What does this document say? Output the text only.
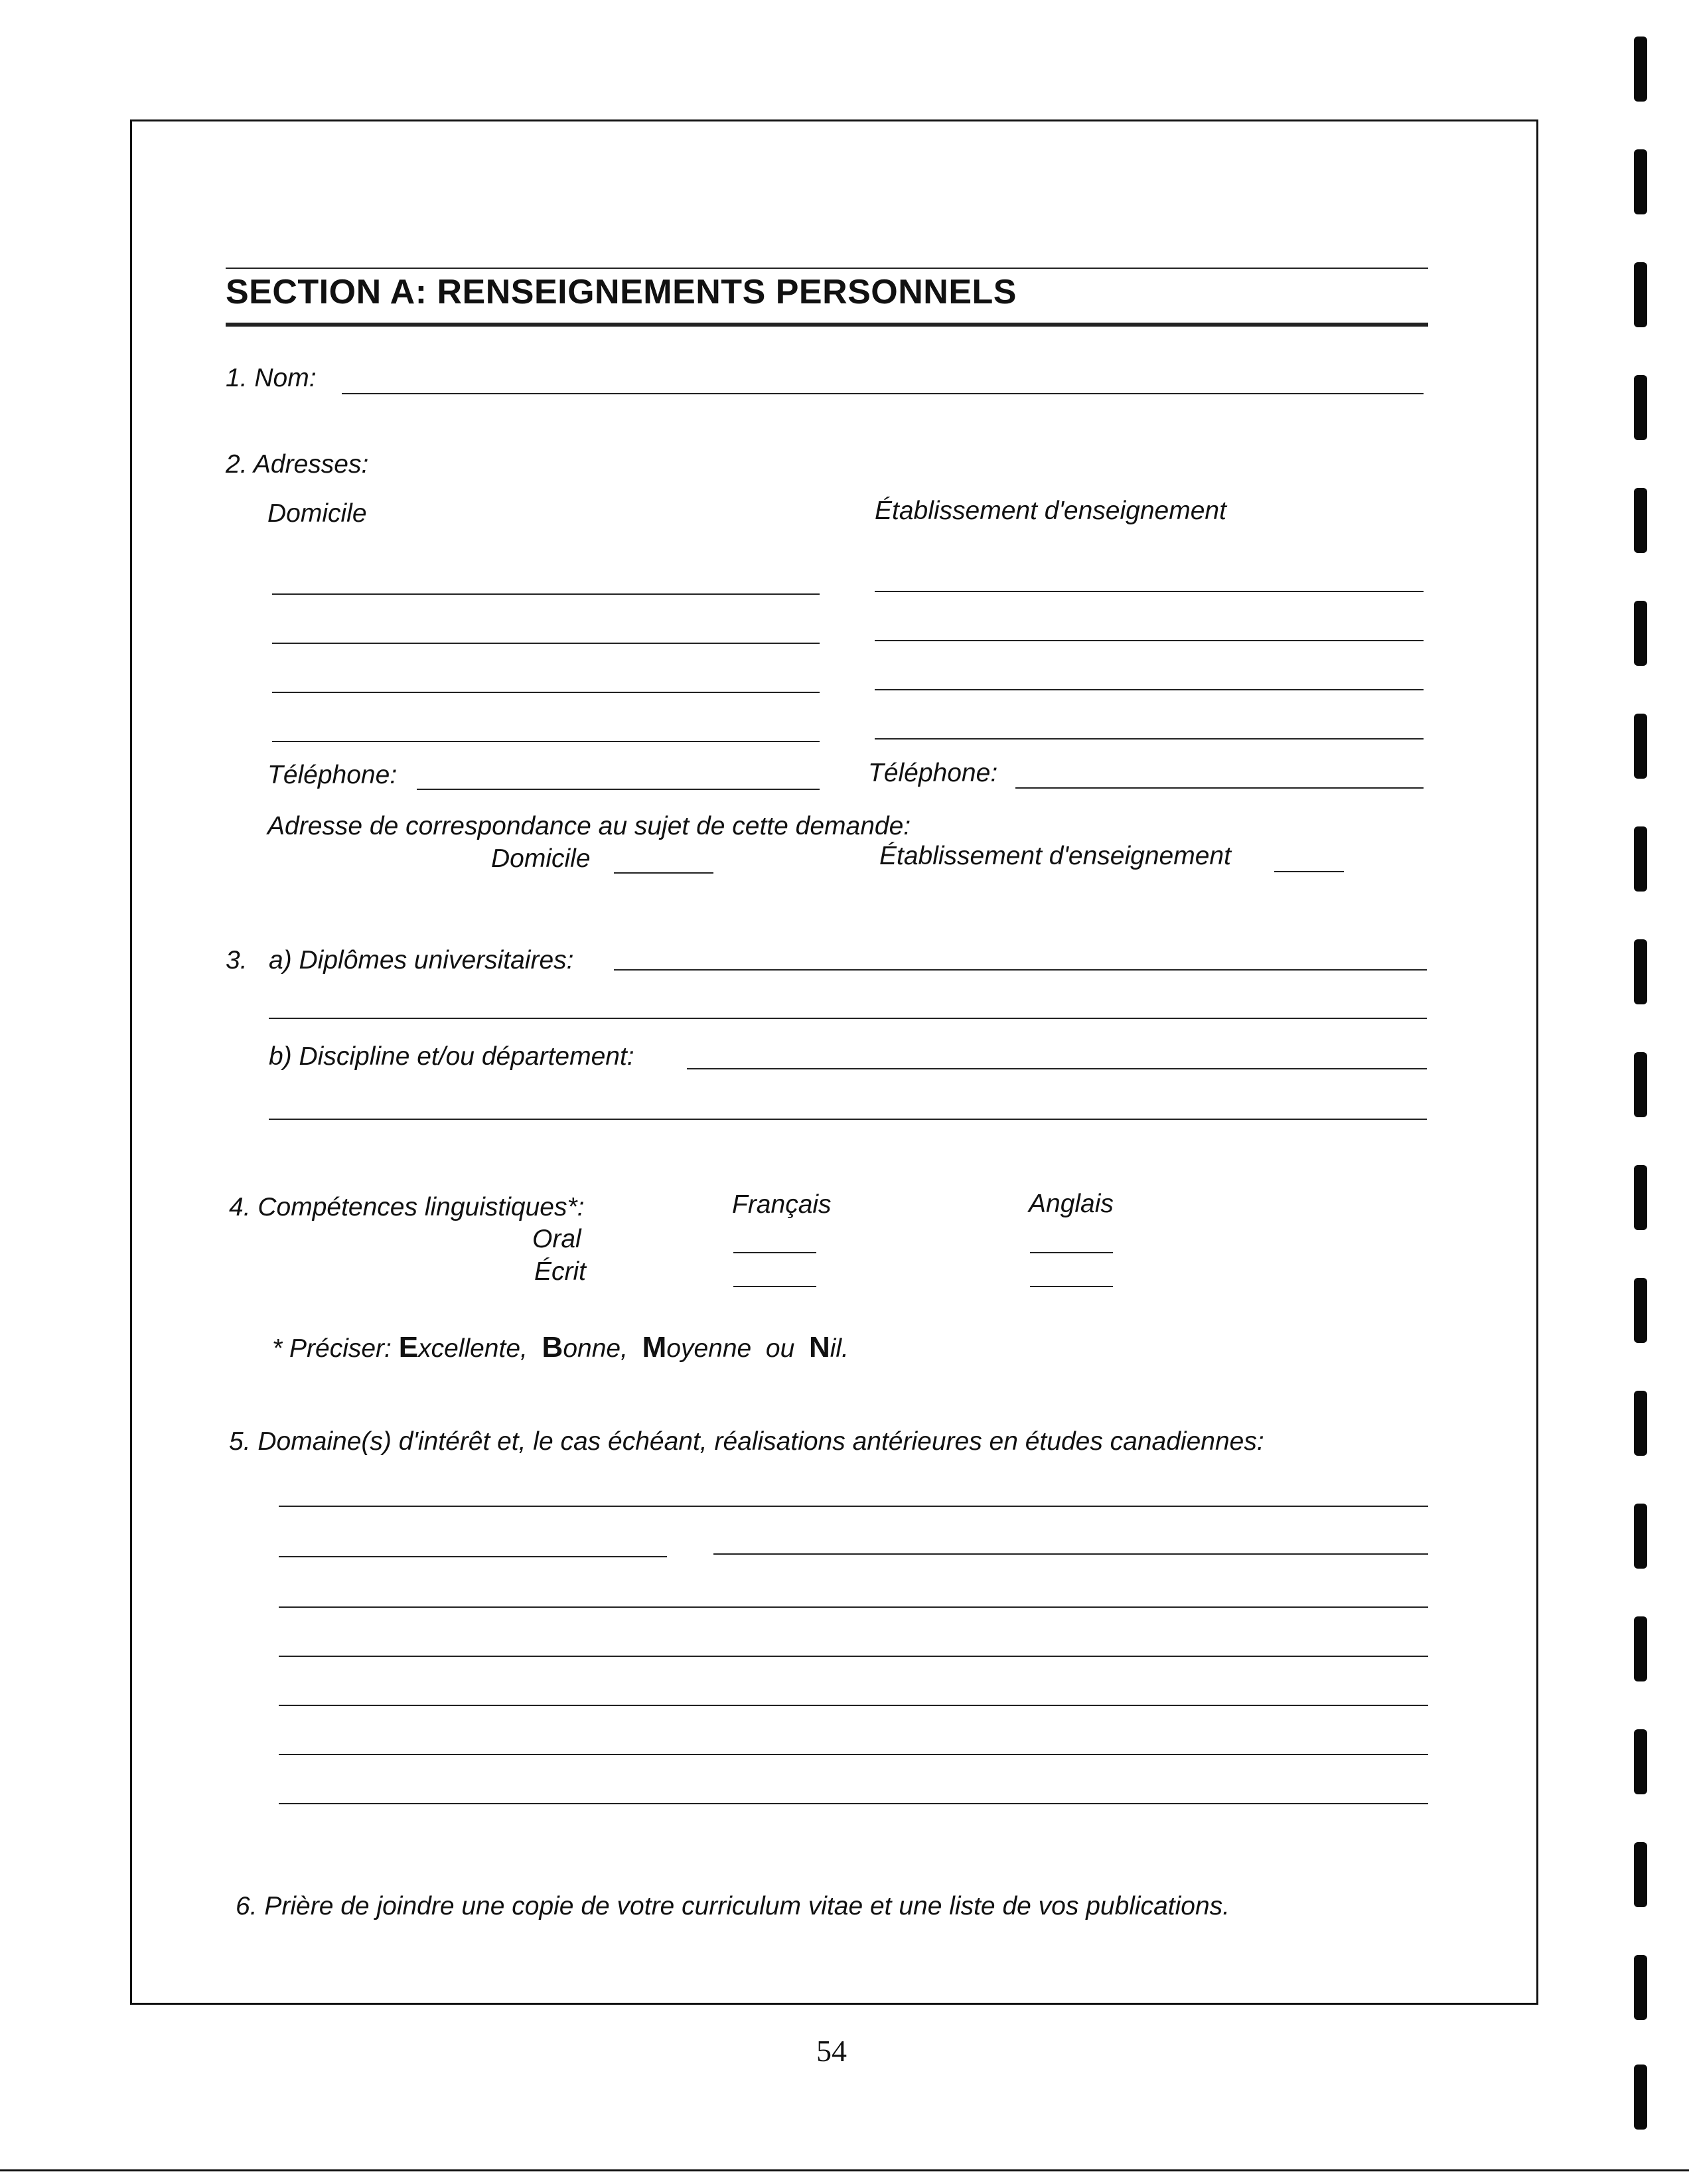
SECTION A: RENSEIGNEMENTS PERSONNELS
1. Nom:
2. Adresses:
Domicile	Établissement d'enseignement
Téléphone:	Téléphone:
Adresse de correspondance au sujet de cette demande:
Domicile	Établissement d'enseignement
3. a) Diplômes universitaires:
b) Discipline et/ou département:
4. Compétences linguistiques*:	Français	Anglais
Oral
Écrit
* Préciser: Excellente, Bonne, Moyenne ou Nil.
5. Domaine(s) d'intérêt et, le cas échéant, réalisations antérieures en études canadiennes:
6. Prière de joindre une copie de votre curriculum vitae et une liste de vos publications.
54
